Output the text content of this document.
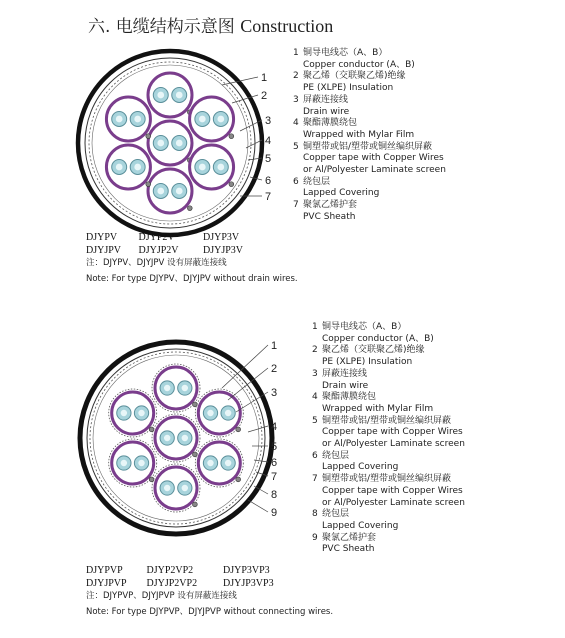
六. 电缆结构示意图 Construction
1
2
3
4
5
6
7
1
2
3
4
5
6
7
8
9
1 铜导电线芯（A、B）
Copper conductor (A、B)
2 聚乙烯（交联聚乙烯)绝缘
PE (XLPE) Insulation
3 屏蔽连接线
Drain wire
4 聚酯薄膜绕包
Wrapped with Mylar Film
5 铜塑带或铝/塑带或铜丝编织屏蔽
Copper tape with Copper Wires
or Al/Polyester Laminate screen
6 绕包层
Lapped Covering
7 聚氯乙烯护套
PVC Sheath
DJYPV DJYP2V	DJYP3V
DJYJPV DJYJP2V DJYJP3V
注：DJYPV、DJYJPV 设有屏蔽连接线
Note: For type DJYPV、DJYJPV without drain wires.
1 铜导电线芯（A、B）
Copper conductor (A、B)
2 聚乙烯（交联聚乙烯)绝缘
PE (XLPE) Insulation
3 屏蔽连接线
Drain wire
4 聚酯薄膜绕包
Wrapped with Mylar Film
5 铜塑带或铝/塑带或铜丝编织屏蔽
Copper tape with Copper Wires
or Al/Polyester Laminate screen
6 绕包层
Lapped Covering
7 铜塑带或铝/塑带或铜丝编织屏蔽
Copper tape with Copper Wires
or Al/Polyester Laminate screen
8 绕包层
Lapped Covering
9 聚氯乙烯护套
PVC Sheath
DJYPVP DJYP2VP2	DJYP3VP3
DJYJPVP DJYJP2VP2	DJYJP3VP3
注：DJYPVP、DJYJPVP 设有屏蔽连接线
Note: For type DJYPVP、DJYJPVP without connecting wires.
